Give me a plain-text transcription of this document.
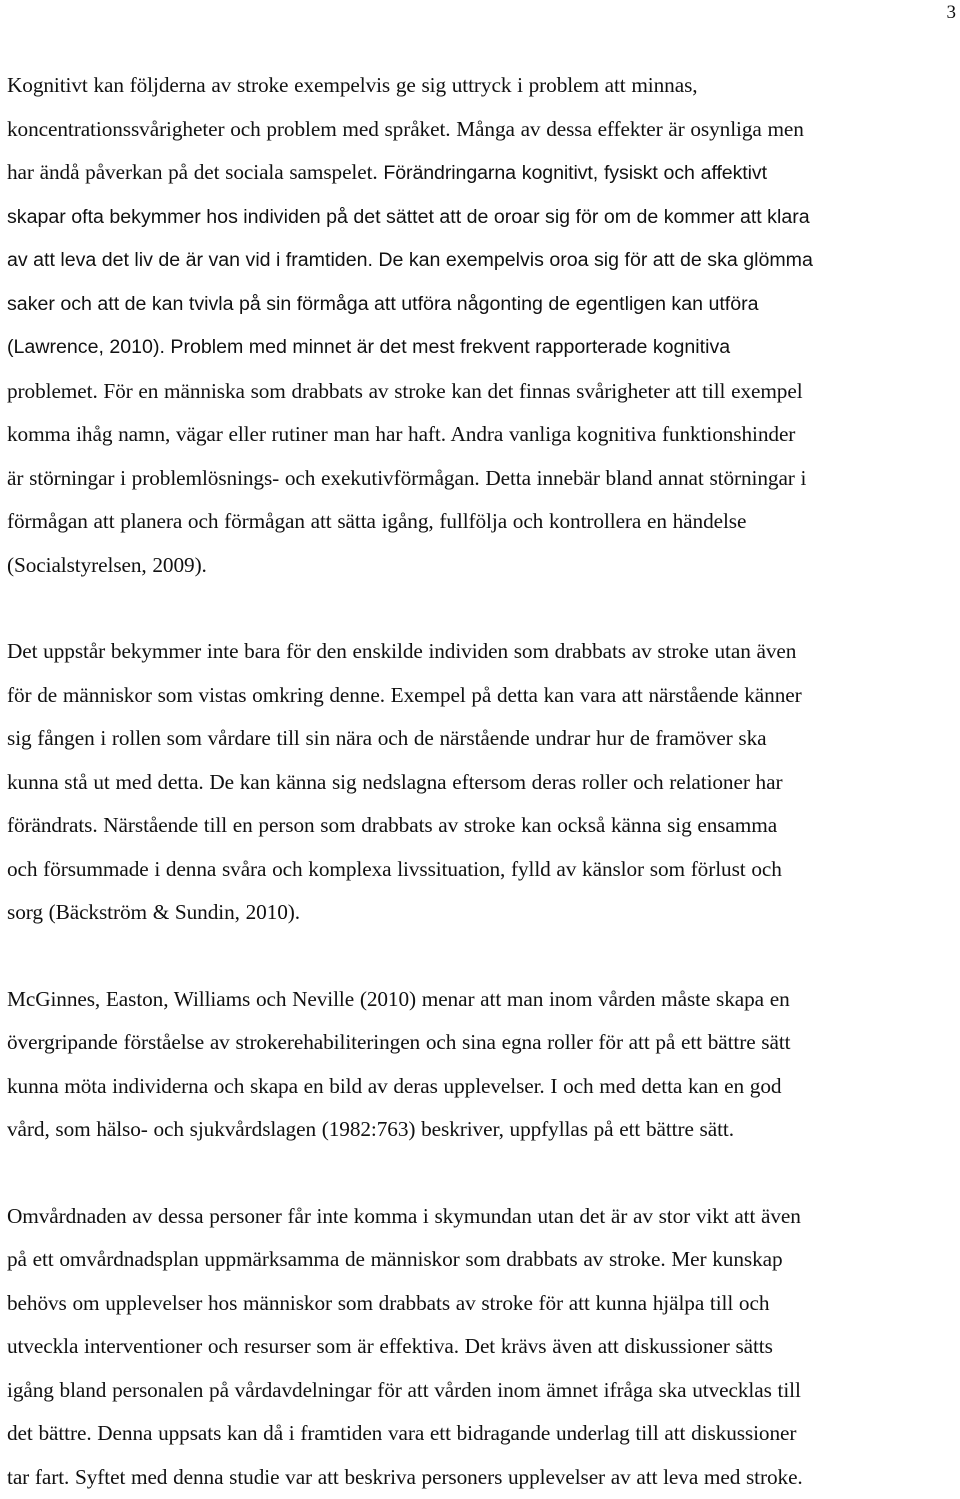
3

Kognitivt kan följderna av stroke exempelvis ge sig uttryck i problem att minnas,
koncentrationssvårigheter och problem med språket. Många av dessa effekter är osynliga men
har ändå påverkan på det sociala samspelet. Förändringarna kognitivt, fysiskt och affektivt
skapar ofta bekymmer hos individen på det sättet att de oroar sig för om de kommer att klara
av att leva det liv de är van vid i framtiden. De kan exempelvis oroa sig för att de ska glömma
saker och att de kan tvivla på sin förmåga att utföra någonting de egentligen kan utföra
(Lawrence, 2010). Problem med minnet är det mest frekvent rapporterade kognitiva
problemet. För en människa som drabbats av stroke kan det finnas svårigheter att till exempel
komma ihåg namn, vägar eller rutiner man har haft. Andra vanliga kognitiva funktionshinder
är störningar i problemlösnings- och exekutivförmågan. Detta innebär bland annat störningar i
förmågan att planera och förmågan att sätta igång, fullfölja och kontrollera en händelse
(Socialstyrelsen, 2009).

Det uppstår bekymmer inte bara för den enskilde individen som drabbats av stroke utan även
för de människor som vistas omkring denne. Exempel på detta kan vara att närstående känner
sig fången i rollen som vårdare till sin nära och de närstående undrar hur de framöver ska
kunna stå ut med detta. De kan känna sig nedslagna eftersom deras roller och relationer har
förändrats. Närstående till en person som drabbats av stroke kan också känna sig ensamma
och försummade i denna svåra och komplexa livssituation, fylld av känslor som förlust och
sorg (Bäckström & Sundin, 2010).

McGinnes, Easton, Williams och Neville (2010) menar att man inom vården måste skapa en
övergripande förståelse av strokerehabiliteringen och sina egna roller för att på ett bättre sätt
kunna möta individerna och skapa en bild av deras upplevelser. I och med detta kan en god
vård, som hälso- och sjukvårdslagen (1982:763) beskriver, uppfyllas på ett bättre sätt.

Omvårdnaden av dessa personer får inte komma i skymundan utan det är av stor vikt att även
på ett omvårdnadsplan uppmärksamma de människor som drabbats av stroke. Mer kunskap
behövs om upplevelser hos människor som drabbats av stroke för att kunna hjälpa till och
utveckla interventioner och resurser som är effektiva. Det krävs även att diskussioner sätts
igång bland personalen på vårdavdelningar för att vården inom ämnet ifråga ska utvecklas till
det bättre. Denna uppsats kan då i framtiden vara ett bidragande underlag till att diskussioner
tar fart. Syftet med denna studie var att beskriva personers upplevelser av att leva med stroke.
